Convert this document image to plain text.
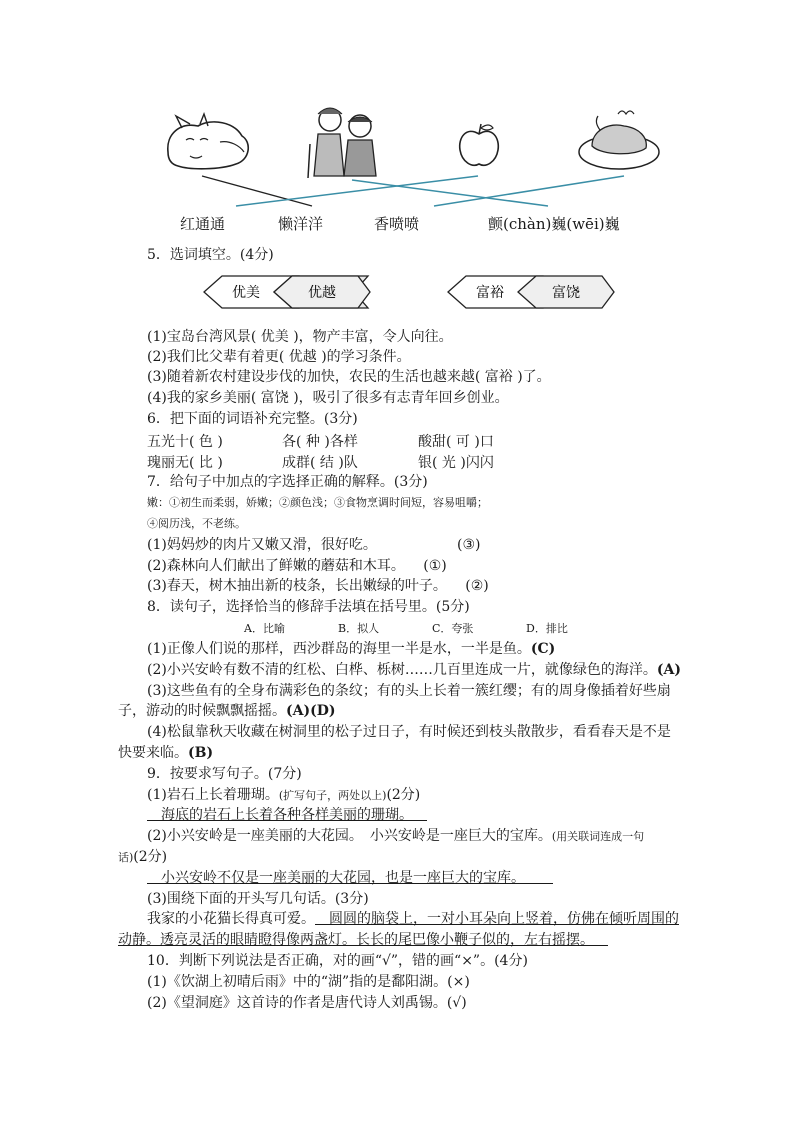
红通通	懒洋洋	香喷喷	颤(chàn)巍(wēi)巍
5．选词填空。(4分)
优美	优越	富裕	富饶
(1)宝岛台湾风景( 优美 )，物产丰富，令人向往。
(2)我们比父辈有着更( 优越 )的学习条件。
(3)随着新农村建设步伐的加快，农民的生活也越来越( 富裕 )了。
(4)我的家乡美丽( 富饶 )，吸引了很多有志青年回乡创业。
6．把下面的词语补充完整。(3分)
五光十( 色 )	各( 种 )各样	酸甜( 可 )口
瑰丽无( 比 )	成群( 结 )队	银( 光 )闪闪
7．给句子中加点的字选择正确的解释。(3分)
嫩：①初生而柔弱，娇嫩；②颜色浅；③食物烹调时间短，容易咀嚼；
④阅历浅，不老练。
(1)妈妈炒的肉片又嫩又滑，很好吃。	(③)
(2)森林向人们献出了鲜嫩的蘑菇和木耳。 (①)
(3)春天，树木抽出新的枝条，长出嫩绿的叶子。 (②)
8．读句子，选择恰当的修辞手法填在括号里。(5分)
A．比喻	B．拟人	C．夸张	D．排比
(1)正像人们说的那样，西沙群岛的海里一半是水，一半是鱼。(C)
(2)小兴安岭有数不清的红松、白桦、栎树……几百里连成一片，就像绿色的海洋。(A)
(3)这些鱼有的全身布满彩色的条纹；有的头上长着一簇红缨；有的周身像插着好些扇
子，游动的时候飘飘摇摇。(A)(D)
(4)松鼠靠秋天收藏在树洞里的松子过日子，有时候还到枝头散散步，看看春天是不是
快要来临。(B)
9．按要求写句子。(7分)
(1)岩石上长着珊瑚。(扩写句子，两处以上)(2分)
 海底的岩石上长着各种各样美丽的珊瑚。 
(2)小兴安岭是一座美丽的大花园。　小兴安岭是一座巨大的宝库。(用关联词连成一句
话)(2分)
 小兴安岭不仅是一座美丽的大花园，也是一座巨大的宝库。  
(3)围绕下面的开头写几句话。(3分)
我家的小花猫长得真可爱。  圆圆的脑袋上，一对小耳朵向上竖着，仿佛在倾听周围的
动静。透亮灵活的眼睛瞪得像两盏灯。长长的尾巴像小鞭子似的，左右摇摆。 
10．判断下列说法是否正确，对的画“√”，错的画“×”。(4分)
(1)《饮湖上初晴后雨》中的“湖”指的是鄱阳湖。(×)
(2)《望洞庭》这首诗的作者是唐代诗人刘禹锡。(√)
